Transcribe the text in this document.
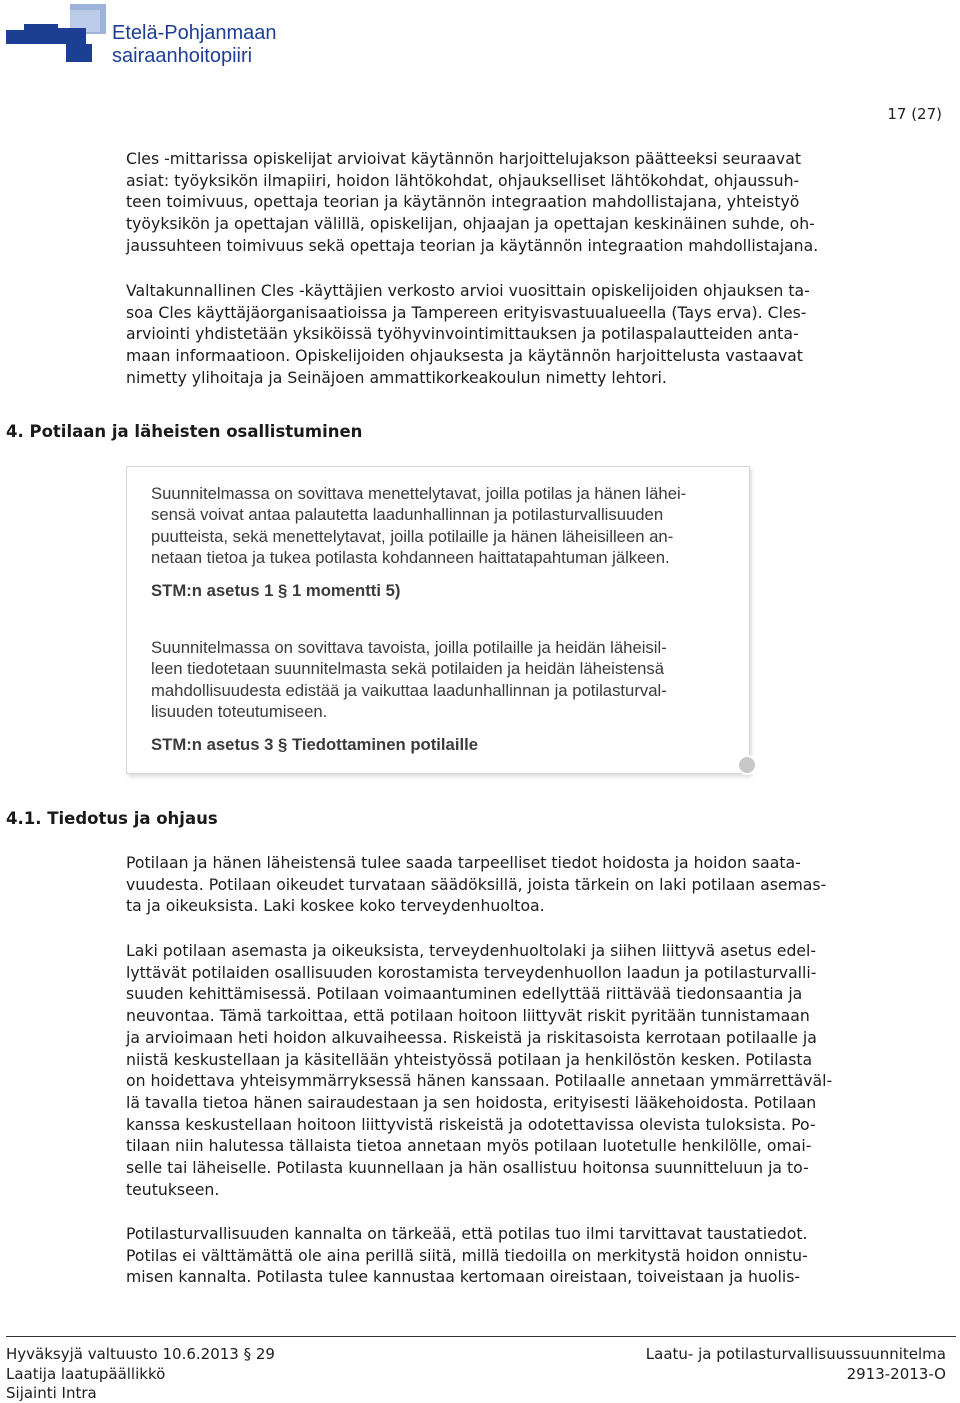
Etelä-Pohjanmaan
sairaanhoitopiiri
17 (27)
Cles -mittarissa opiskelijat arvioivat käytännön harjoittelujakson päätteeksi seuraavat
asiat: työyksikön ilmapiiri, hoidon lähtökohdat, ohjaukselliset lähtökohdat, ohjaussuh-
teen toimivuus, opettaja teorian ja käytännön integraation mahdollistajana, yhteistyö
työyksikön ja opettajan välillä, opiskelijan, ohjaajan ja opettajan keskinäinen suhde, oh-
jaussuhteen toimivuus sekä opettaja teorian ja käytännön integraation mahdollistajana.
Valtakunnallinen Cles -käyttäjien verkosto arvioi vuosittain opiskelijoiden ohjauksen ta-
soa Cles käyttäjäorganisaatioissa ja Tampereen erityisvastuualueella (Tays erva). Cles-
arviointi yhdistetään yksiköissä työhyvinvointimittauksen ja potilaspalautteiden anta-
maan informaatioon. Opiskelijoiden ohjauksesta ja käytännön harjoittelusta vastaavat
nimetty ylihoitaja ja Seinäjoen ammattikorkeakoulun nimetty lehtori.
4. Potilaan ja läheisten osallistuminen
Suunnitelmassa on sovittava menettelytavat, joilla potilas ja hänen lähei-
sensä voivat antaa palautetta laadunhallinnan ja potilasturvallisuuden
puutteista, sekä menettelytavat, joilla potilaille ja hänen läheisilleen an-
netaan tietoa ja tukea potilasta kohdanneen haittatapahtuman jälkeen.
STM:n asetus 1 § 1 momentti 5)
Suunnitelmassa on sovittava tavoista, joilla potilaille ja heidän läheisil-
leen tiedotetaan suunnitelmasta sekä potilaiden ja heidän läheistensä
mahdollisuudesta edistää ja vaikuttaa laadunhallinnan ja potilasturval-
lisuuden toteutumiseen.
STM:n asetus 3 § Tiedottaminen potilaille
4.1. Tiedotus ja ohjaus
Potilaan ja hänen läheistensä tulee saada tarpeelliset tiedot hoidosta ja hoidon saata-
vuudesta. Potilaan oikeudet turvataan säädöksillä, joista tärkein on laki potilaan asemas-
ta ja oikeuksista. Laki koskee koko terveydenhuoltoa.
Laki potilaan asemasta ja oikeuksista, terveydenhuoltolaki ja siihen liittyvä asetus edel-
lyttävät potilaiden osallisuuden korostamista terveydenhuollon laadun ja potilasturvalli-
suuden kehittämisessä. Potilaan voimaantuminen edellyttää riittävää tiedonsaantia ja
neuvontaa. Tämä tarkoittaa, että potilaan hoitoon liittyvät riskit pyritään tunnistamaan
ja arvioimaan heti hoidon alkuvaiheessa. Riskeistä ja riskitasoista kerrotaan potilaalle ja
niistä keskustellaan ja käsitellään yhteistyössä potilaan ja henkilöstön kesken. Potilasta
on hoidettava yhteisymmärryksessä hänen kanssaan. Potilaalle annetaan ymmärrettäväl-
lä tavalla tietoa hänen sairaudestaan ja sen hoidosta, erityisesti lääkehoidosta. Potilaan
kanssa keskustellaan hoitoon liittyvistä riskeistä ja odotettavissa olevista tuloksista. Po-
tilaan niin halutessa tällaista tietoa annetaan myös potilaan luotetulle henkilölle, omai-
selle tai läheiselle. Potilasta kuunnellaan ja hän osallistuu hoitonsa suunnitteluun ja to-
teutukseen.
Potilasturvallisuuden kannalta on tärkeää, että potilas tuo ilmi tarvittavat taustatiedot.
Potilas ei välttämättä ole aina perillä siitä, millä tiedoilla on merkitystä hoidon onnistu-
misen kannalta. Potilasta tulee kannustaa kertomaan oireistaan, toiveistaan ja huolis-
Hyväksyjä valtuusto 10.6.2013 § 29
Laatija laatupäällikkö
Sijainti Intra
Laatu- ja potilasturvallisuussuunnitelma
2913-2013-O
